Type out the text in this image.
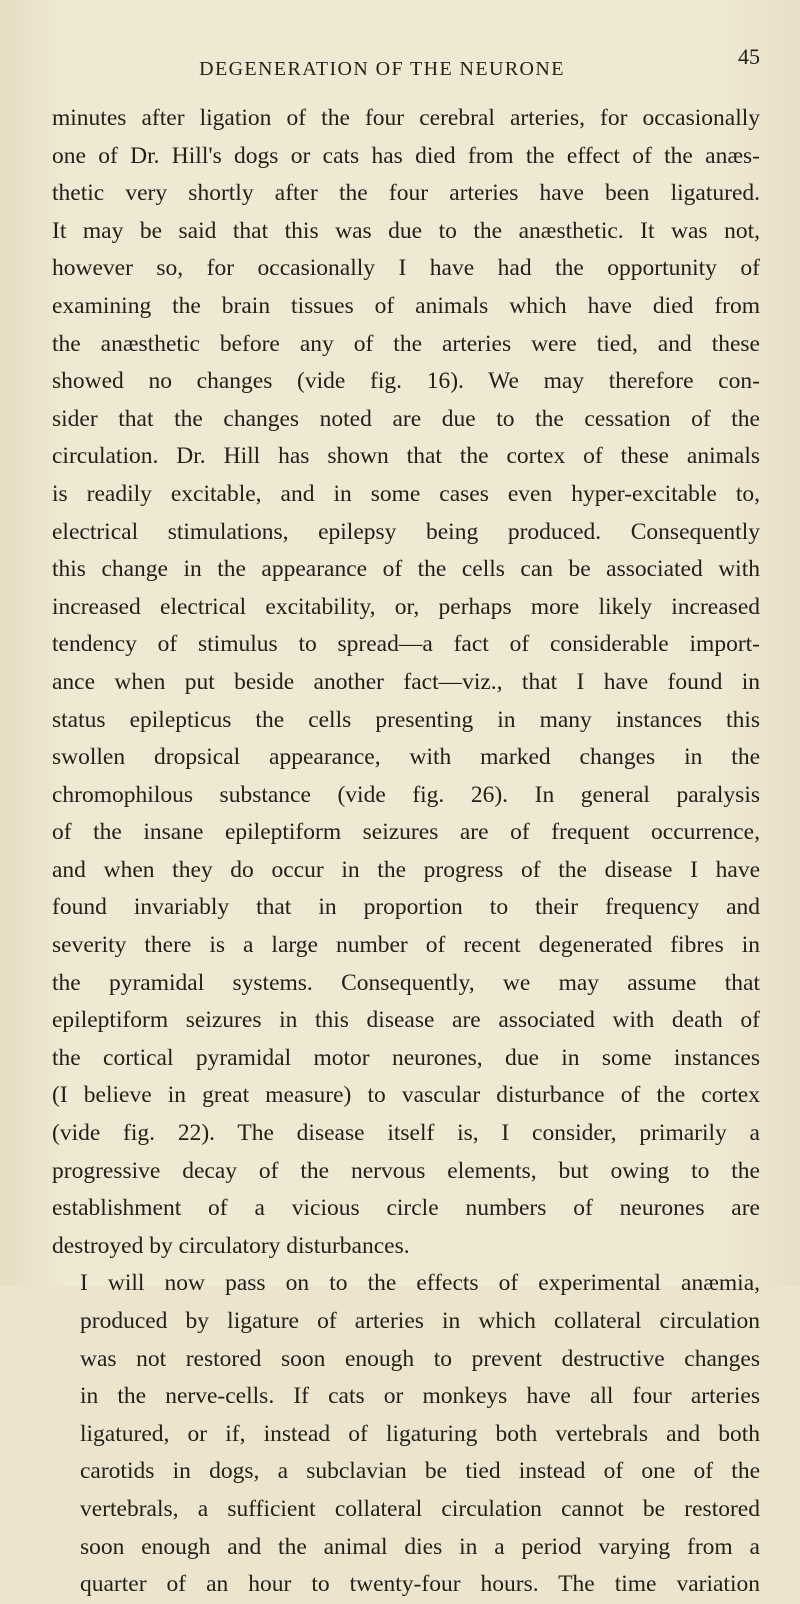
DEGENERATION OF THE NEURONE	45

minutes after ligation of the four cerebral arteries, for occasionally
one of Dr. Hill's dogs or cats has died from the effect of the anæs-
thetic very shortly after the four arteries have been ligatured.
It may be said that this was due to the anæsthetic. It was not,
however so, for occasionally I have had the opportunity of
examining the brain tissues of animals which have died from
the anæsthetic before any of the arteries were tied, and these
showed no changes (vide fig. 16). We may therefore con-
sider that the changes noted are due to the cessation of the
circulation. Dr. Hill has shown that the cortex of these animals
is readily excitable, and in some cases even hyper-excitable to,
electrical stimulations, epilepsy being produced. Consequently
this change in the appearance of the cells can be associated with
increased electrical excitability, or, perhaps more likely increased
tendency of stimulus to spread—a fact of considerable import-
ance when put beside another fact—viz., that I have found in
status epilepticus the cells presenting in many instances this
swollen dropsical appearance, with marked changes in the
chromophilous substance (vide fig. 26). In general paralysis
of the insane epileptiform seizures are of frequent occurrence,
and when they do occur in the progress of the disease I have
found invariably that in proportion to their frequency and
severity there is a large number of recent degenerated fibres in
the pyramidal systems. Consequently, we may assume that
epileptiform seizures in this disease are associated with death of
the cortical pyramidal motor neurones, due in some instances
(I believe in great measure) to vascular disturbance of the cortex
(vide fig. 22). The disease itself is, I consider, primarily a
progressive decay of the nervous elements, but owing to the
establishment of a vicious circle numbers of neurones are
destroyed by circulatory disturbances.

I will now pass on to the effects of experimental anæmia,
produced by ligature of arteries in which collateral circulation
was not restored soon enough to prevent destructive changes
in the nerve-cells. If cats or monkeys have all four arteries
ligatured, or if, instead of ligaturing both vertebrals and both
carotids in dogs, a subclavian be tied instead of one of the
vertebrals, a sufficient collateral circulation cannot be restored
soon enough and the animal dies in a period varying from a
quarter of an hour to twenty-four hours. The time variation
